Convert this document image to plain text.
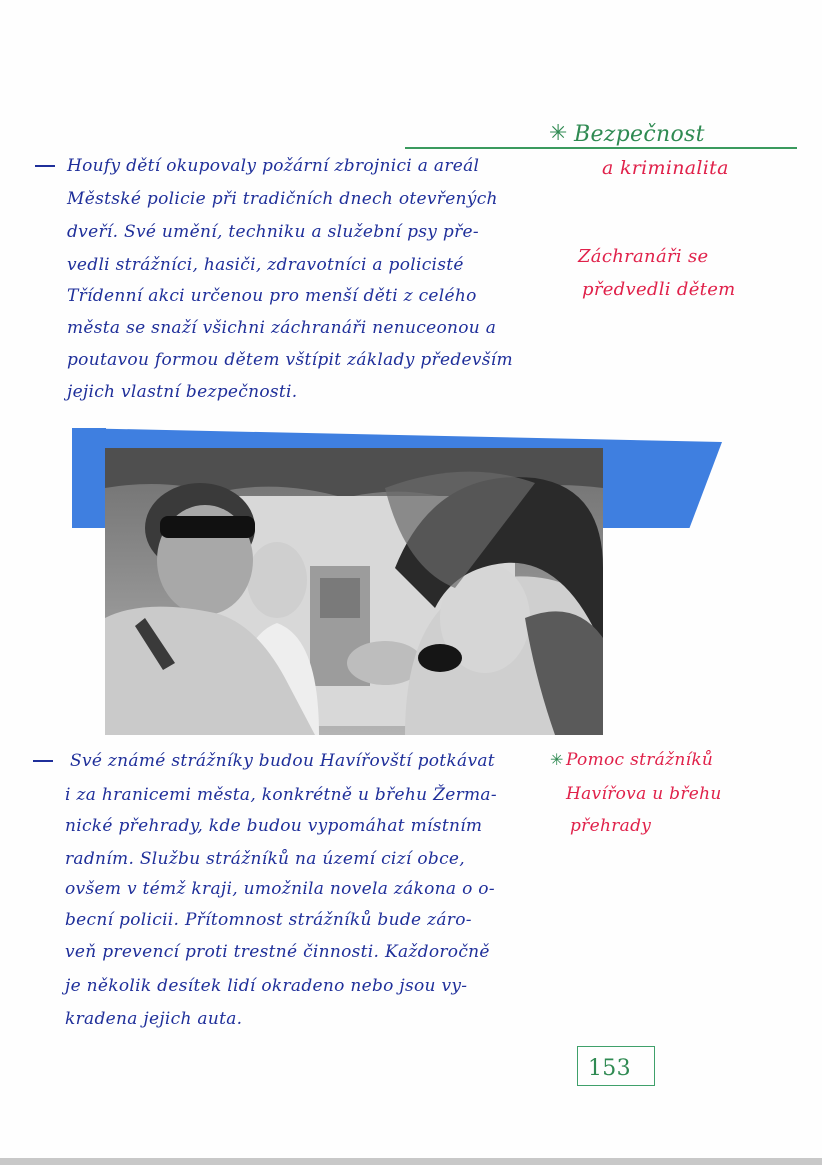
✳ Bezpečnost
a kriminalita
Houfy dětí okupovaly požární zbrojnici a areál
Městské policie při tradičních dnech otevřených
dveří. Své umění, techniku a služební psy pře-
vedli strážníci, hasiči, zdravotníci a policisté
Třídenní akci určenou pro menší děti z celého
města se snaží všichni záchranáři nenuceonou a
poutavou formou dětem vštípit základy především
jejich vlastní bezpečnosti.
Záchranáři se
předvedli dětem
Své známé strážníky budou Havířovští potkávat
i za hranicemi města, konkrétně u břehu Žerma-
nické přehrady, kde budou vypomáhat místním
radním. Službu strážníků na území cizí obce,
ovšem v témž kraji, umožnila novela zákona o o-
becní policii. Přítomnost strážníků bude záro-
veň prevencí proti trestné činnosti. Každoročně
je několik desítek lidí okradeno nebo jsou vy-
kradena jejich auta.
✳ Pomoc strážníků
Havířova u břehu
přehrady
153
